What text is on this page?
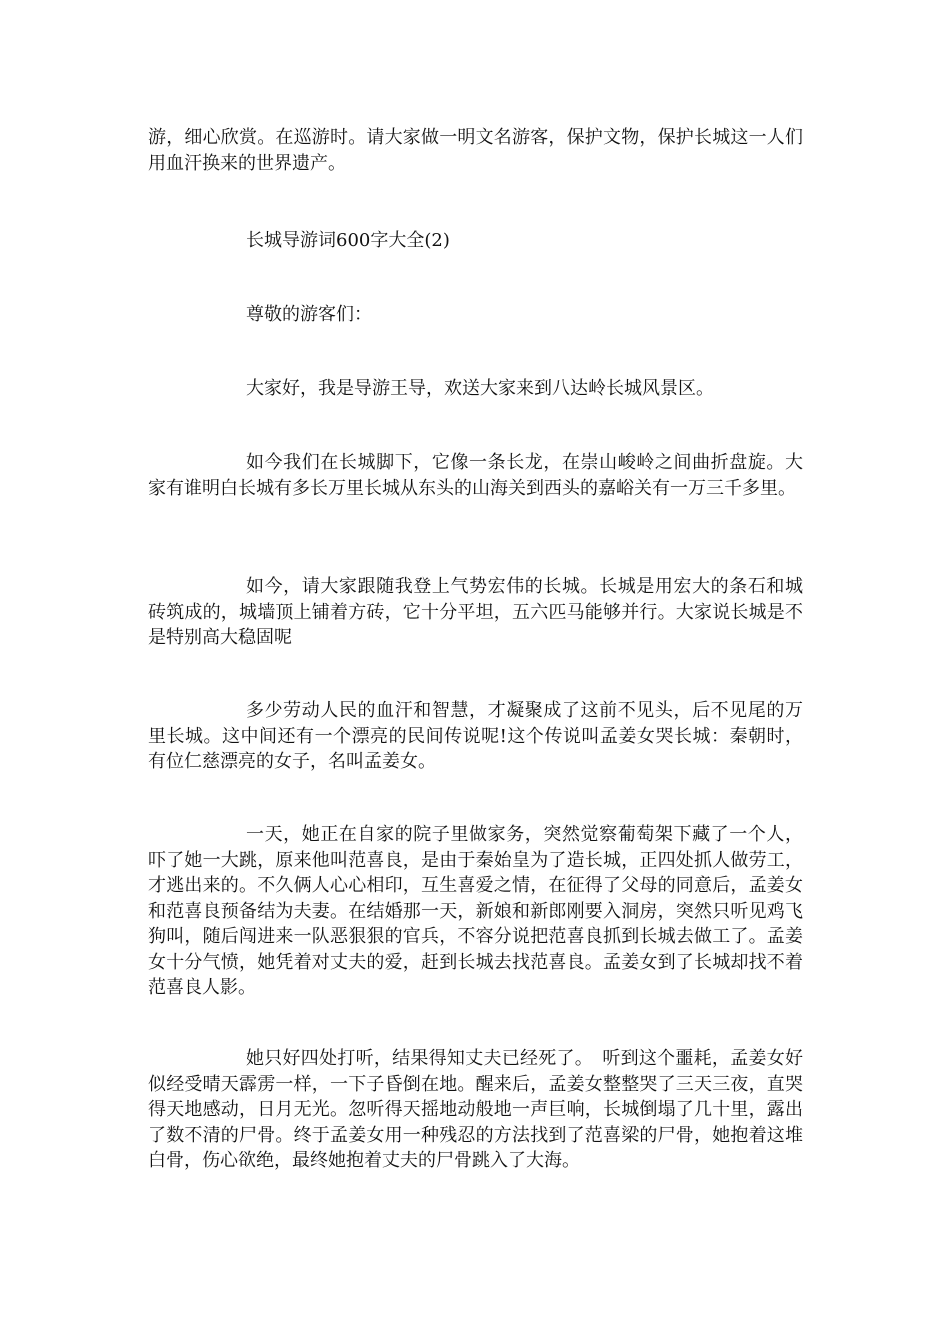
游，细心欣赏。在巡游时。请大家做一明文名游客，保护文物，保护长城这一人们用血汗换来的世界遗产。

长城导游词600字大全(2)

尊敬的游客们：

大家好，我是导游王导，欢送大家来到八达岭长城风景区。

如今我们在长城脚下，它像一条长龙，在崇山峻岭之间曲折盘旋。大家有谁明白长城有多长万里长城从东头的山海关到西头的嘉峪关有一万三千多里。

如今，请大家跟随我登上气势宏伟的长城。长城是用宏大的条石和城砖筑成的，城墙顶上铺着方砖，它十分平坦，五六匹马能够并行。大家说长城是不是特别高大稳固呢

多少劳动人民的血汗和智慧，才凝聚成了这前不见头，后不见尾的万里长城。这中间还有一个漂亮的民间传说呢!这个传说叫孟姜女哭长城：秦朝时，有位仁慈漂亮的女子，名叫孟姜女。

一天，她正在自家的院子里做家务，突然觉察葡萄架下藏了一个人，吓了她一大跳，原来他叫范喜良，是由于秦始皇为了造长城，正四处抓人做劳工，才逃出来的。不久俩人心心相印，互生喜爱之情，在征得了父母的同意后，孟姜女和范喜良预备结为夫妻。在结婚那一天，新娘和新郎刚要入洞房，突然只听见鸡飞狗叫，随后闯进来一队恶狠狠的官兵，不容分说把范喜良抓到长城去做工了。孟姜女十分气愤，她凭着对丈夫的爱，赶到长城去找范喜良。孟姜女到了长城却找不着范喜良人影。

她只好四处打听，结果得知丈夫已经死了。　听到这个噩耗，孟姜女好似经受晴天霹雳一样，一下子昏倒在地。醒来后，孟姜女整整哭了三天三夜，直哭得天地感动，日月无光。忽听得天摇地动般地一声巨响，长城倒塌了几十里，露出了数不清的尸骨。终于孟姜女用一种残忍的方法找到了范喜梁的尸骨，她抱着这堆白骨，伤心欲绝，最终她抱着丈夫的尸骨跳入了大海。
